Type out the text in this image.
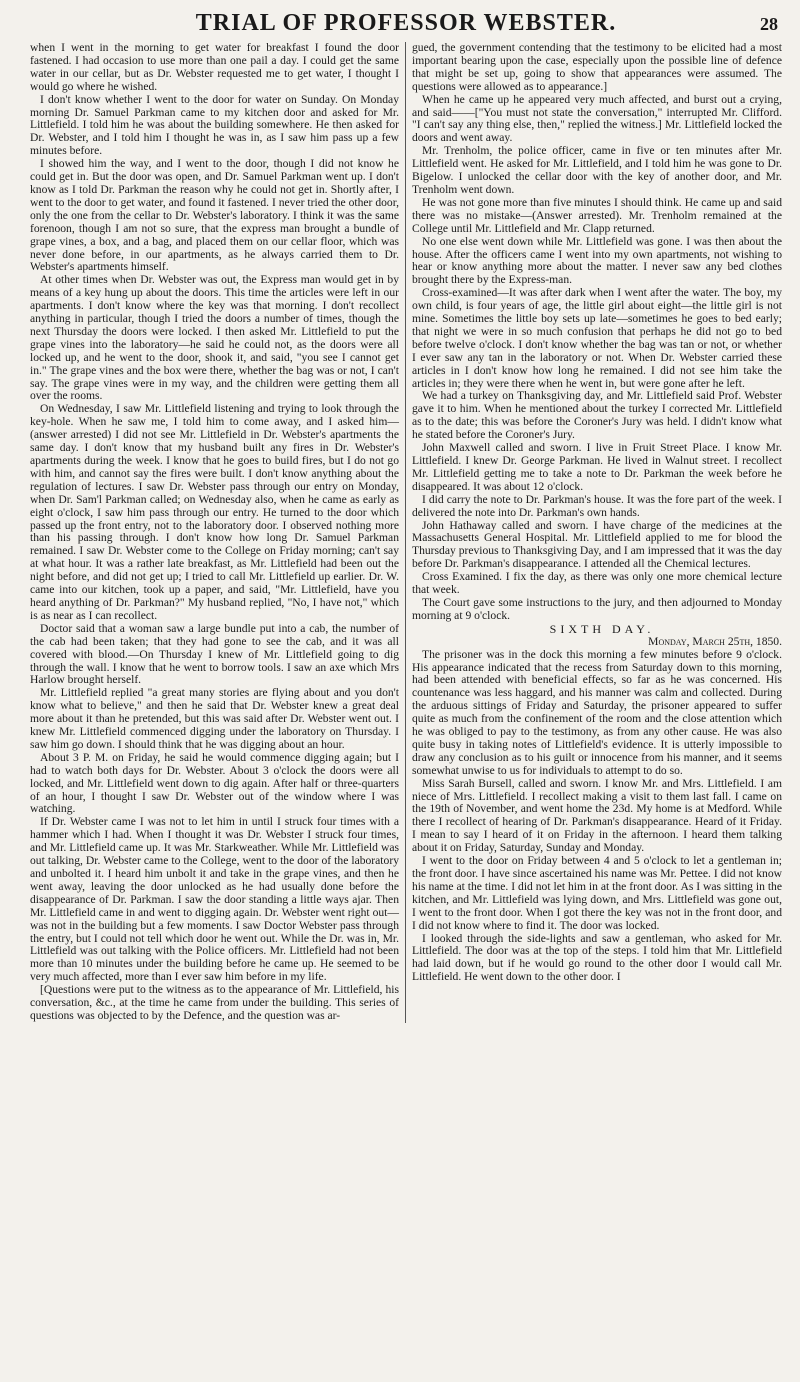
TRIAL OF PROFESSOR WEBSTER.	28

when I went in the morning to get water for breakfast I found the door fastened. I had occasion to use more than one pail a day. I could get the same water in our cellar, but as Dr. Webster requested me to get water, I thought I would go where he wished.

I don't know whether I went to the door for water on Sunday. On Monday morning Dr. Samuel Parkman came to my kitchen door and asked for Mr. Littlefield. I told him he was about the building somewhere. He then asked for Dr. Webster, and I told him I thought he was in, as I saw him pass up a few minutes before.

I showed him the way, and I went to the door, though I did not know he could get in. But the door was open, and Dr. Samuel Parkman went up. I don't know as I told Dr. Parkman the reason why he could not get in. Shortly after, I went to the door to get water, and found it fastened. I never tried the other door, only the one from the cellar to Dr. Webster's laboratory. I think it was the same forenoon, though I am not so sure, that the express man brought a bundle of grape vines, a box, and a bag, and placed them on our cellar floor, which was never done before, in our apartments, as he always carried them to Dr. Webster's apartments himself.

At other times when Dr. Webster was out, the Express man would get in by means of a key hung up about the doors. This time the articles were left in our apartments. I don't know where the key was that morning. I don't recollect anything in particular, though I tried the doors a number of times, though the next Thursday the doors were locked. I then asked Mr. Littlefield to put the grape vines into the laboratory—he said he could not, as the doors were all locked up, and he went to the door, shook it, and said, "you see I cannot get in." The grape vines and the box were there, whether the bag was or not, I can't say. The grape vines were in my way, and the children were getting them all over the rooms.

On Wednesday, I saw Mr. Littlefield listening and trying to look through the key-hole. When he saw me, I told him to come away, and I asked him—(answer arrested) I did not see Mr. Littlefield in Dr. Webster's apartments the same day. I don't know that my husband built any fires in Dr. Webster's apartments during the week. I know that he goes to build fires, but I do not go with him, and cannot say the fires were built. I don't know anything about the regulation of lectures. I saw Dr. Webster pass through our entry on Monday, when Dr. Sam'l Parkman called; on Wednesday also, when he came as early as eight o'clock, I saw him pass through our entry. He turned to the door which passed up the front entry, not to the laboratory door. I observed nothing more than his passing through. I don't know how long Dr. Samuel Parkman remained. I saw Dr. Webster come to the College on Friday morning; can't say at what hour. It was a rather late breakfast, as Mr. Littlefield had been out the night before, and did not get up; I tried to call Mr. Littlefield up earlier. Dr. W. came into our kitchen, took up a paper, and said, "Mr. Littlefield, have you heard anything of Dr. Parkman?" My husband replied, "No, I have not," which is as near as I can recollect.

Doctor said that a woman saw a large bundle put into a cab, the number of the cab had been taken; that they had gone to see the cab, and it was all covered with blood.—On Thursday I knew of Mr. Littlefield going to dig through the wall. I know that he went to borrow tools. I saw an axe which Mrs Harlow brought herself.

Mr. Littlefield replied "a great many stories are flying about and you don't know what to believe," and then he said that Dr. Webster knew a great deal more about it than he pretended, but this was said after Dr. Webster went out. I knew Mr. Littlefield commenced digging under the laboratory on Thursday. I saw him go down. I should think that he was digging about an hour.

About 3 P. M. on Friday, he said he would commence digging again; but I had to watch both days for Dr. Webster. About 3 o'clock the doors were all locked, and Mr. Littlefield went down to dig again. After half or three-quarters of an hour, I thought I saw Dr. Webster out of the window where I was watching.

If Dr. Webster came I was not to let him in until I struck four times with a hammer which I had. When I thought it was Dr. Webster I struck four times, and Mr. Littlefield came up. It was Mr. Starkweather. While Mr. Littlefield was out talking, Dr. Webster came to the College, went to the door of the laboratory and unbolted it. I heard him unbolt it and take in the grape vines, and then he went away, leaving the door unlocked as he had usually done before the disappearance of Dr. Parkman. I saw the door standing a little ways ajar. Then Mr. Littlefield came in and went to digging again. Dr. Webster went right out—was not in the building but a few moments. I saw Doctor Webster pass through the entry, but I could not tell which door he went out. While the Dr. was in, Mr. Littlefield was out talking with the Police officers. Mr. Littlefield had not been more than 10 minutes under the building before he came up. He seemed to be very much affected, more than I ever saw him before in my life.

[Questions were put to the witness as to the appearance of Mr. Littlefield, his conversation, &c., at the time he came from under the building. This series of questions was objected to by the Defence, and the question was ar-

gued, the government contending that the testimony to be elicited had a most important bearing upon the case, especially upon the possible line of defence that might be set up, going to show that appearances were assumed. The questions were allowed as to appearance.]

When he came up he appeared very much affected, and burst out a crying, and said——["You must not state the conversation," interrupted Mr. Clifford. "I can't say any thing else, then," replied the witness.] Mr. Littlefield locked the doors and went away.

Mr. Trenholm, the police officer, came in five or ten minutes after Mr. Littlefield went. He asked for Mr. Littlefield, and I told him he was gone to Dr. Bigelow. I unlocked the cellar door with the key of another door, and Mr. Trenholm went down.

He was not gone more than five minutes I should think. He came up and said there was no mistake—(Answer arrested). Mr. Trenholm remained at the College until Mr. Littlefield and Mr. Clapp returned.

No one else went down while Mr. Littlefield was gone. I was then about the house. After the officers came I went into my own apartments, not wishing to hear or know anything more about the matter. I never saw any bed clothes brought there by the Express-man.

Cross-examined—It was after dark when I went after the water. The boy, my own child, is four years of age, the little girl about eight—the little girl is not mine. Sometimes the little boy sets up late—sometimes he goes to bed early; that night we were in so much confusion that perhaps he did not go to bed before twelve o'clock. I don't know whether the bag was tan or not, or whether I ever saw any tan in the laboratory or not. When Dr. Webster carried these articles in I don't know how long he remained. I did not see him take the articles in; they were there when he went in, but were gone after he left.

We had a turkey on Thanksgiving day, and Mr. Littlefield said Prof. Webster gave it to him. When he mentioned about the turkey I corrected Mr. Littlefield as to the date; this was before the Coroner's Jury was held. I didn't know what he stated before the Coroner's Jury.

John Maxwell called and sworn. I live in Fruit Street Place. I know Mr. Littlefield. I knew Dr. George Parkman. He lived in Walnut street. I recollect Mr. Littlefield getting me to take a note to Dr. Parkman the week before he disappeared. It was about 12 o'clock.

I did carry the note to Dr. Parkman's house. It was the fore part of the week. I delivered the note into Dr. Parkman's own hands.

John Hathaway called and sworn. I have charge of the medicines at the Massachusetts General Hospital. Mr. Littlefield applied to me for blood the Thursday previous to Thanksgiving Day, and I am impressed that it was the day before Dr. Parkman's disappearance. I attended all the Chemical lectures.

Cross Examined. I fix the day, as there was only one more chemical lecture that week.

The Court gave some instructions to the jury, and then adjourned to Monday morning at 9 o'clock.

SIXTH DAY.

Monday, March 25th, 1850.

The prisoner was in the dock this morning a few minutes before 9 o'clock. His appearance indicated that the recess from Saturday down to this morning, had been attended with beneficial effects, so far as he was concerned. His countenance was less haggard, and his manner was calm and collected. During the arduous sittings of Friday and Saturday, the prisoner appeared to suffer quite as much from the confinement of the room and the close attention which he was obliged to pay to the testimony, as from any other cause. He was also quite busy in taking notes of Littlefield's evidence. It is utterly impossible to draw any conclusion as to his guilt or innocence from his manner, and it seems somewhat unwise to us for individuals to attempt to do so.

Miss Sarah Bursell, called and sworn. I know Mr. and Mrs. Littlefield. I am niece of Mrs. Littlefield. I recollect making a visit to them last fall. I came on the 19th of November, and went home the 23d. My home is at Medford. While there I recollect of hearing of Dr. Parkman's disappearance. Heard of it Friday. I mean to say I heard of it on Friday in the afternoon. I heard them talking about it on Friday, Saturday, Sunday and Monday.

I went to the door on Friday between 4 and 5 o'clock to let a gentleman in; the front door. I have since ascertained his name was Mr. Pettee. I did not know his name at the time. I did not let him in at the front door. As I was sitting in the kitchen, and Mr. Littlefield was lying down, and Mrs. Littlefield was gone out, I went to the front door. When I got there the key was not in the front door, and I did not know where to find it. The door was locked.

I looked through the side-lights and saw a gentleman, who asked for Mr. Littlefield. The door was at the top of the steps. I told him that Mr. Littlefield had laid down, but if he would go round to the other door I would call Mr. Littlefield. He went down to the other door. I
